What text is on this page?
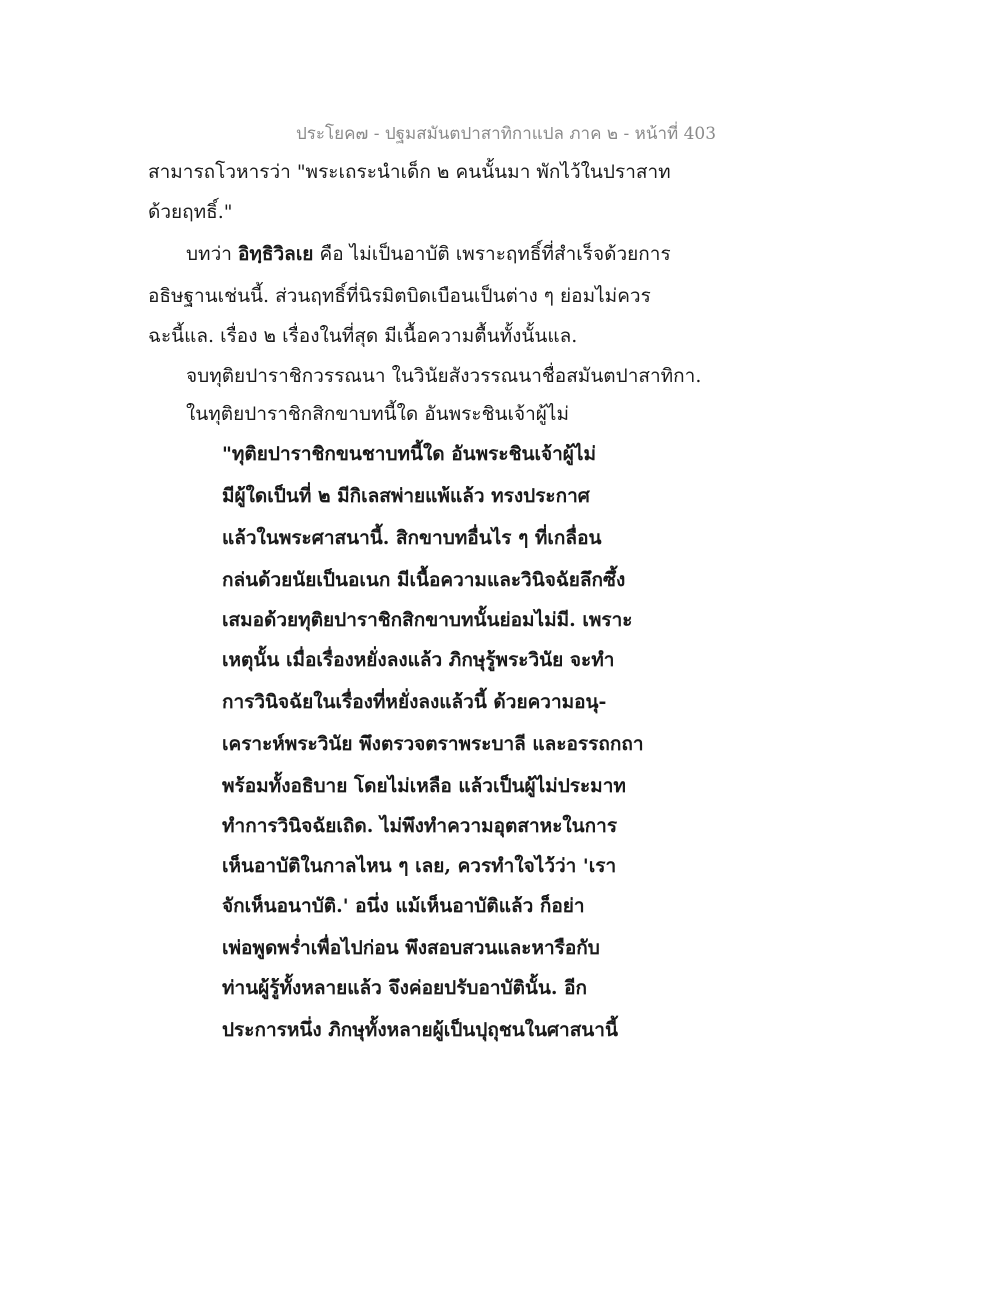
ประโยค๗ - ปฐมสมันตปาสาทิกาแปล ภาค ๒ - หน้าที่ 403
สามารถโวหารว่า "พระเถระนำเด็ก ๒ คนนั้นมา พักไว้ในปราสาท
ด้วยฤทธิ์."
บทว่า อิทฺธิวิลเย คือ ไม่เป็นอาบัติ เพราะฤทธิ์ที่สำเร็จด้วยการ
อธิษฐานเช่นนี้. ส่วนฤทธิ์ที่นิรมิตบิดเบือนเป็นต่าง ๆ ย่อมไม่ควร
ฉะนี้แล. เรื่อง ๒ เรื่องในที่สุด มีเนื้อความตื้นทั้งนั้นแล.
จบทุติยปาราชิกวรรณนา ในวินัยสังวรรณนาชื่อสมันตปาสาทิกา.
ในทุติยปาราชิกสิกขาบทนี้ใด อันพระชินเจ้าผู้ไม่
"ทุติยปาราชิกขนชาบทนี้ใด อันพระชินเจ้าผู้ไม่
มีผู้ใดเป็นที่ ๒ มีกิเลสพ่ายแพ้แล้ว ทรงประกาศ
แล้วในพระศาสนานี้. สิกขาบทอื่นไร ๆ ที่เกลื่อน
กล่นด้วยนัยเป็นอเนก มีเนื้อความและวินิจฉัยลึกซึ้ง
เสมอด้วยทุติยปาราชิกสิกขาบทนั้นย่อมไม่มี. เพราะ
เหตุนั้น เมื่อเรื่องหยั่งลงแล้ว ภิกษุรู้พระวินัย จะทำ
การวินิจฉัยในเรื่องที่หยั่งลงแล้วนี้ ด้วยความอนุ-
เคราะห์พระวินัย พึงตรวจตราพระบาลี และอรรถกถา
พร้อมทั้งอธิบาย โดยไม่เหลือ แล้วเป็นผู้ไม่ประมาท
ทำการวินิจฉัยเถิด. ไม่พึงทำความอุตสาหะในการ
เห็นอาบัติในกาลไหน ๆ เลย, ควรทำใจไว้ว่า 'เรา
จักเห็นอนาบัติ.' อนึ่ง แม้เห็นอาบัติแล้ว ก็อย่า
เพ่อพูดพร่ำเพื่อไปก่อน พึงสอบสวนและหารือกับ
ท่านผู้รู้ทั้งหลายแล้ว จึงค่อยปรับอาบัตินั้น. อีก
ประการหนึ่ง ภิกษุทั้งหลายผู้เป็นปุถุชนในศาสนานี้
